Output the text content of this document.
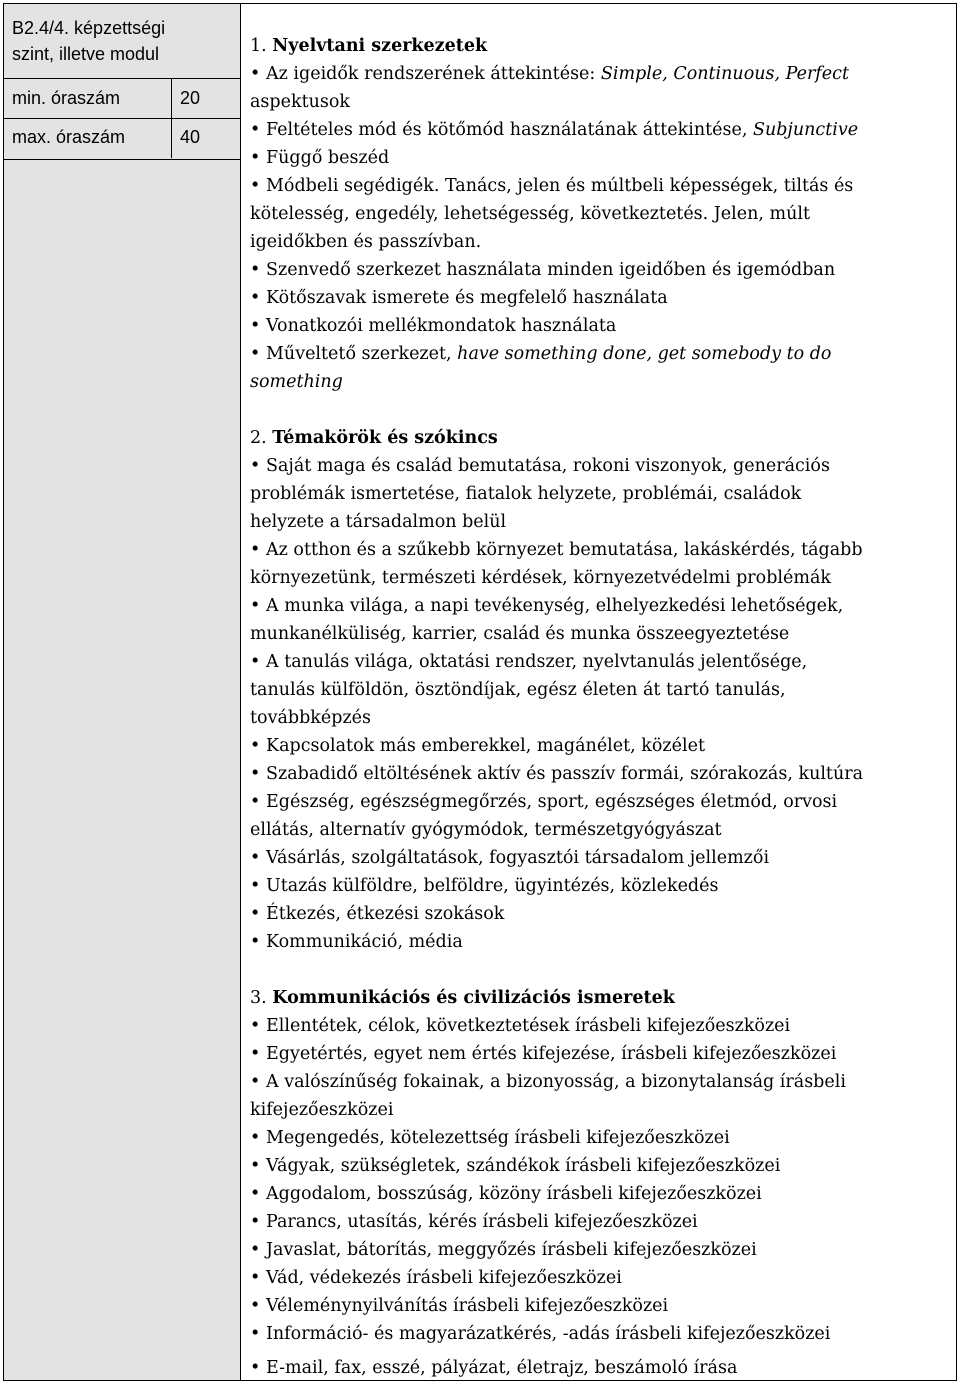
B2.4/4. képzettségi
szint, illetve modul
min. óraszám	20
max. óraszám	40
1. Nyelvtani szerkezetek
• Az igeidők rendszerének áttekintése: Simple, Continuous, Perfect
aspektusok
• Feltételes mód és kötőmód használatának áttekintése, Subjunctive
• Függő beszéd
• Módbeli segédigék. Tanács, jelen és múltbeli képességek, tiltás és
kötelesség, engedély, lehetségesség, következtetés. Jelen, múlt
igeidőkben és passzívban.
• Szenvedő szerkezet használata minden igeidőben és igemódban
• Kötőszavak ismerete és megfelelő használata
• Vonatkozói mellékmondatok használata
• Műveltető szerkezet, have something done, get somebody to do
something
2. Témakörök és szókincs
• Saját maga és család bemutatása, rokoni viszonyok, generációs
problémák ismertetése, fiatalok helyzete, problémái, családok
helyzete a társadalmon belül
• Az otthon és a szűkebb környezet bemutatása, lakáskérdés, tágabb
környezetünk, természeti kérdések, környezetvédelmi problémák
• A munka világa, a napi tevékenység, elhelyezkedési lehetőségek,
munkanélküliség, karrier, család és munka összeegyeztetése
• A tanulás világa, oktatási rendszer, nyelvtanulás jelentősége,
tanulás külföldön, ösztöndíjak, egész életen át tartó tanulás,
továbbképzés
• Kapcsolatok más emberekkel, magánélet, közélet
• Szabadidő eltöltésének aktív és passzív formái, szórakozás, kultúra
• Egészség, egészségmegőrzés, sport, egészséges életmód, orvosi
ellátás, alternatív gyógymódok, természetgyógyászat
• Vásárlás, szolgáltatások, fogyasztói társadalom jellemzői
• Utazás külföldre, belföldre, ügyintézés, közlekedés
• Étkezés, étkezési szokások
• Kommunikáció, média
3. Kommunikációs és civilizációs ismeretek
• Ellentétek, célok, következtetések írásbeli kifejezőeszközei
• Egyetértés, egyet nem értés kifejezése, írásbeli kifejezőeszközei
• A valószínűség fokainak, a bizonyosság, a bizonytalanság írásbeli
kifejezőeszközei
• Megengedés, kötelezettség írásbeli kifejezőeszközei
• Vágyak, szükségletek, szándékok írásbeli kifejezőeszközei
• Aggodalom, bosszúság, közöny írásbeli kifejezőeszközei
• Parancs, utasítás, kérés írásbeli kifejezőeszközei
• Javaslat, bátorítás, meggyőzés írásbeli kifejezőeszközei
• Vád, védekezés írásbeli kifejezőeszközei
• Véleménynyilvánítás írásbeli kifejezőeszközei
• Információ- és magyarázatkérés, -adás írásbeli kifejezőeszközei
• E-mail, fax, esszé, pályázat, életrajz, beszámoló írása
